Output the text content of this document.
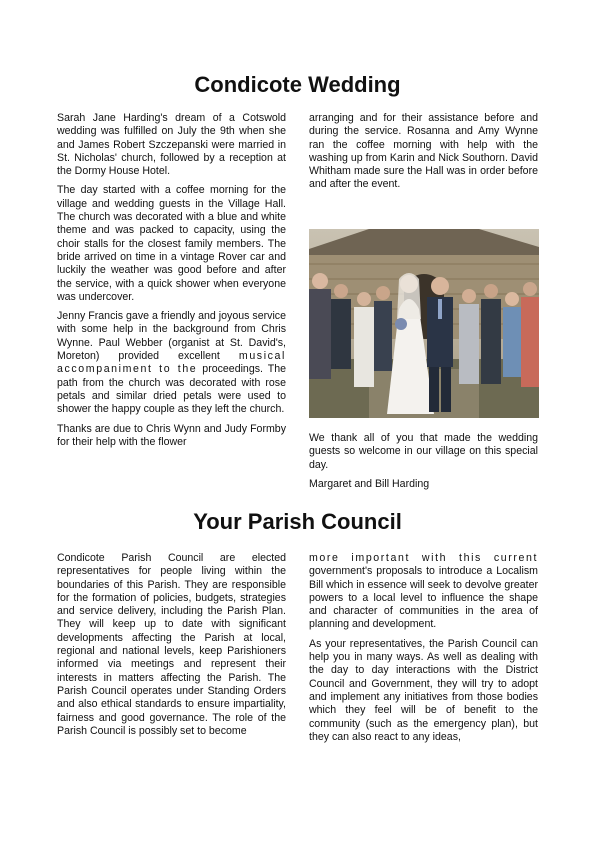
Condicote Wedding

Sarah Jane Harding's dream of a Cotswold wedding was fulfilled on July the 9th when she and James Robert Szczepanski were married in St. Nicholas' church, followed by a reception at the Dormy House Hotel.

The day started with a coffee morning for the village and wedding guests in the Village Hall. The church was decorated with a blue and white theme and was packed to capacity, using the choir stalls for the closest family members. The bride arrived on time in a vintage Rover car and luckily the weather was good before and after the service, with a quick shower when everyone was undercover.

Jenny Francis gave a friendly and joyous service with some help in the background from Chris Wynne. Paul Webber (organist at St. David's, Moreton) provided excellent musical accompaniment to the proceedings. The path from the church was decorated with rose petals and similar dried petals were used to shower the happy couple as they left the church.

Thanks are due to Chris Wynn and Judy Formby for their help with the flower

arranging and for their assistance before and during the service. Rosanna and Amy Wynne ran the coffee morning with help with the washing up from Karin and Nick Southorn. David Whitham made sure the Hall was in order before and after the event.

We thank all of you that made the wedding guests so welcome in our village on this special day.

Margaret and Bill Harding

Your Parish Council

Condicote Parish Council are elected representatives for people living within the boundaries of this Parish. They are responsible for the formation of policies, budgets, strategies and service delivery, including the Parish Plan. They will keep up to date with significant developments affecting the Parish at local, regional and national levels, keep Parishioners informed via meetings and represent their interests in matters affecting the Parish. The Parish Council operates under Standing Orders and also ethical standards to ensure impartiality, fairness and good governance. The role of the Parish Council is possibly set to become

more important with this current government's proposals to introduce a Localism Bill which in essence will seek to devolve greater powers to a local level to influence the shape and character of communities in the area of planning and development.

As your representatives, the Parish Council can help you in many ways. As well as dealing with the day to day interactions with the District Council and Government, they will try to adopt and implement any initiatives from those bodies which they feel will be of benefit to the community (such as the emergency plan), but they can also react to any ideas,
